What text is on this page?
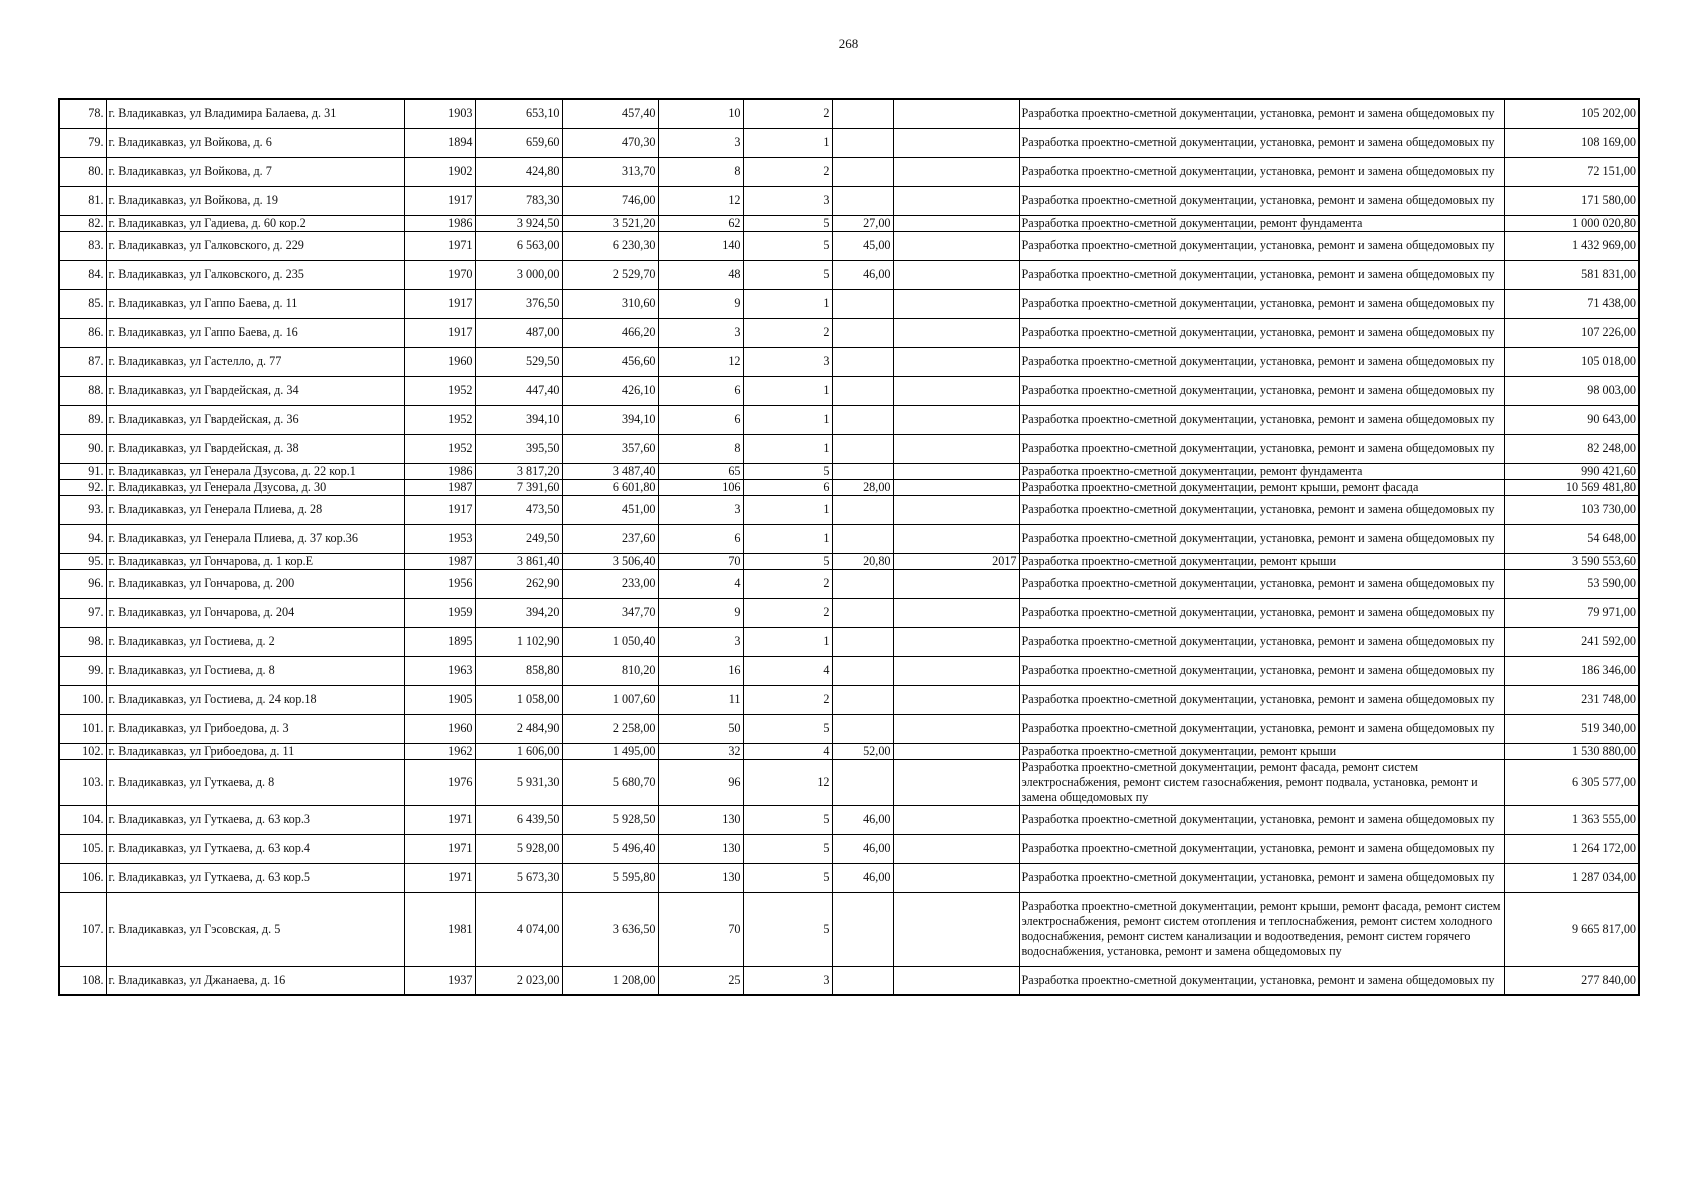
268
78.	г. Владикавказ, ул Владимира Балаева, д. 31	1903	653,10	457,40	10	2			Разработка проектно-сметной документации, установка, ремонт и замена общедомовых пу	105 202,00
79.	г. Владикавказ, ул Войкова, д. 6	1894	659,60	470,30	3	1			Разработка проектно-сметной документации, установка, ремонт и замена общедомовых пу	108 169,00
80.	г. Владикавказ, ул Войкова, д. 7	1902	424,80	313,70	8	2			Разработка проектно-сметной документации, установка, ремонт и замена общедомовых пу	72 151,00
81.	г. Владикавказ, ул Войкова, д. 19	1917	783,30	746,00	12	3			Разработка проектно-сметной документации, установка, ремонт и замена общедомовых пу	171 580,00
82.	г. Владикавказ, ул Гадиева, д. 60 кор.2	1986	3 924,50	3 521,20	62	5	27,00		Разработка проектно-сметной документации, ремонт фундамента	1 000 020,80
83.	г. Владикавказ, ул Галковского, д. 229	1971	6 563,00	6 230,30	140	5	45,00		Разработка проектно-сметной документации, установка, ремонт и замена общедомовых пу	1 432 969,00
84.	г. Владикавказ, ул Галковского, д. 235	1970	3 000,00	2 529,70	48	5	46,00		Разработка проектно-сметной документации, установка, ремонт и замена общедомовых пу	581 831,00
85.	г. Владикавказ, ул Гаппо Баева, д. 11	1917	376,50	310,60	9	1			Разработка проектно-сметной документации, установка, ремонт и замена общедомовых пу	71 438,00
86.	г. Владикавказ, ул Гаппо Баева, д. 16	1917	487,00	466,20	3	2			Разработка проектно-сметной документации, установка, ремонт и замена общедомовых пу	107 226,00
87.	г. Владикавказ, ул Гастелло, д. 77	1960	529,50	456,60	12	3			Разработка проектно-сметной документации, установка, ремонт и замена общедомовых пу	105 018,00
88.	г. Владикавказ, ул Гвардейская, д. 34	1952	447,40	426,10	6	1			Разработка проектно-сметной документации, установка, ремонт и замена общедомовых пу	98 003,00
89.	г. Владикавказ, ул Гвардейская, д. 36	1952	394,10	394,10	6	1			Разработка проектно-сметной документации, установка, ремонт и замена общедомовых пу	90 643,00
90.	г. Владикавказ, ул Гвардейская, д. 38	1952	395,50	357,60	8	1			Разработка проектно-сметной документации, установка, ремонт и замена общедомовых пу	82 248,00
91.	г. Владикавказ, ул Генерала Дзусова, д. 22 кор.1	1986	3 817,20	3 487,40	65	5			Разработка проектно-сметной документации, ремонт фундамента	990 421,60
92.	г. Владикавказ, ул Генерала Дзусова, д. 30	1987	7 391,60	6 601,80	106	6	28,00		Разработка проектно-сметной документации, ремонт крыши, ремонт фасада	10 569 481,80
93.	г. Владикавказ, ул Генерала Плиева, д. 28	1917	473,50	451,00	3	1			Разработка проектно-сметной документации, установка, ремонт и замена общедомовых пу	103 730,00
94.	г. Владикавказ, ул Генерала Плиева, д. 37 кор.36	1953	249,50	237,60	6	1			Разработка проектно-сметной документации, установка, ремонт и замена общедомовых пу	54 648,00
95.	г. Владикавказ, ул Гончарова, д. 1 кор.Е	1987	3 861,40	3 506,40	70	5	20,80	2017	Разработка проектно-сметной документации, ремонт крыши	3 590 553,60
96.	г. Владикавказ, ул Гончарова, д. 200	1956	262,90	233,00	4	2			Разработка проектно-сметной документации, установка, ремонт и замена общедомовых пу	53 590,00
97.	г. Владикавказ, ул Гончарова, д. 204	1959	394,20	347,70	9	2			Разработка проектно-сметной документации, установка, ремонт и замена общедомовых пу	79 971,00
98.	г. Владикавказ, ул Гостиева, д. 2	1895	1 102,90	1 050,40	3	1			Разработка проектно-сметной документации, установка, ремонт и замена общедомовых пу	241 592,00
99.	г. Владикавказ, ул Гостиева, д. 8	1963	858,80	810,20	16	4			Разработка проектно-сметной документации, установка, ремонт и замена общедомовых пу	186 346,00
100.	г. Владикавказ, ул Гостиева, д. 24 кор.18	1905	1 058,00	1 007,60	11	2			Разработка проектно-сметной документации, установка, ремонт и замена общедомовых пу	231 748,00
101.	г. Владикавказ, ул Грибоедова, д. 3	1960	2 484,90	2 258,00	50	5			Разработка проектно-сметной документации, установка, ремонт и замена общедомовых пу	519 340,00
102.	г. Владикавказ, ул Грибоедова, д. 11	1962	1 606,00	1 495,00	32	4	52,00		Разработка проектно-сметной документации, ремонт крыши	1 530 880,00
103.	г. Владикавказ, ул Гуткаева, д. 8	1976	5 931,30	5 680,70	96	12			Разработка проектно-сметной документации, ремонт фасада, ремонт систем электроснабжения, ремонт систем газоснабжения, ремонт подвала, установка, ремонт и замена общедомовых пу	6 305 577,00
104.	г. Владикавказ, ул Гуткаева, д. 63 кор.3	1971	6 439,50	5 928,50	130	5	46,00		Разработка проектно-сметной документации, установка, ремонт и замена общедомовых пу	1 363 555,00
105.	г. Владикавказ, ул Гуткаева, д. 63 кор.4	1971	5 928,00	5 496,40	130	5	46,00		Разработка проектно-сметной документации, установка, ремонт и замена общедомовых пу	1 264 172,00
106.	г. Владикавказ, ул Гуткаева, д. 63 кор.5	1971	5 673,30	5 595,80	130	5	46,00		Разработка проектно-сметной документации, установка, ремонт и замена общедомовых пу	1 287 034,00
107.	г. Владикавказ, ул Гэсовская, д. 5	1981	4 074,00	3 636,50	70	5			Разработка проектно-сметной документации, ремонт крыши, ремонт фасада, ремонт систем электроснабжения, ремонт систем отопления и теплоснабжения, ремонт систем холодного водоснабжения, ремонт систем канализации и водоотведения, ремонт систем горячего водоснабжения, установка, ремонт и замена общедомовых пу	9 665 817,00
108.	г. Владикавказ, ул Джанаева, д. 16	1937	2 023,00	1 208,00	25	3			Разработка проектно-сметной документации, установка, ремонт и замена общедомовых пу	277 840,00
